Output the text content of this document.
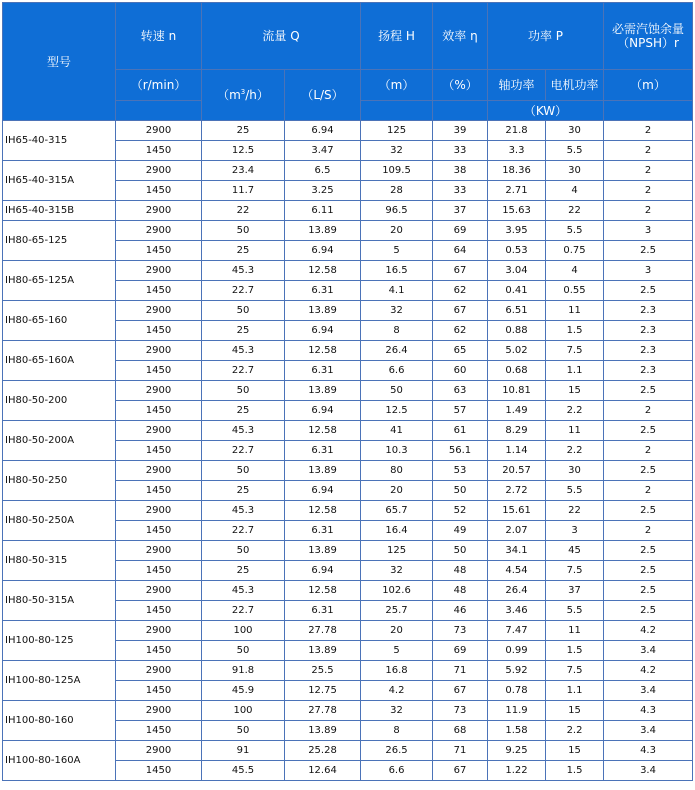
型号	转速 n	流量 Q		扬程 H	效率 η	功率 P		必需汽蚀余量（NPSH）r
	（r/min）	$(m^3/h)$	（L/S）	（m）	（%）	轴功率	电机功率	（m）
						（KW）		
IH65-40-315	2900	25	6.94	125	39	21.8	30	2
	1450	12.5	3.47	32	33	3.3	5.5	2
IH65-40-315A	2900	23.4	6.5	109.5	38	18.36	30	2
	1450	11.7	3.25	28	33	2.71	4	2
IH65-40-315B	2900	22	6.11	96.5	37	15.63	22	2
IH80-65-125	2900	50	13.89	20	69	3.95	5.5	3
	1450	25	6.94	5	64	0.53	0.75	2.5
IH80-65-125A	2900	45.3	12.58	16.5	67	3.04	4	3
	1450	22.7	6.31	4.1	62	0.41	0.55	2.5
IH80-65-160	2900	50	13.89	32	67	6.51	11	2.3
	1450	25	6.94	8	62	0.88	1.5	2.3
IH80-65-160A	2900	45.3	12.58	26.4	65	5.02	7.5	2.3
	1450	22.7	6.31	6.6	60	0.68	1.1	2.3
IH80-50-200	2900	50	13.89	50	63	10.81	15	2.5
	1450	25	6.94	12.5	57	1.49	2.2	2
IH80-50-200A	2900	45.3	12.58	41	61	8.29	11	2.5
	1450	22.7	6.31	10.3	56.1	1.14	2.2	2
IH80-50-250	2900	50	13.89	80	53	20.57	30	2.5
	1450	25	6.94	20	50	2.72	5.5	2
IH80-50-250A	2900	45.3	12.58	65.7	52	15.61	22	2.5
	1450	22.7	6.31	16.4	49	2.07	3	2
IH80-50-315	2900	50	13.89	125	50	34.1	45	2.5
	1450	25	6.94	32	48	4.54	7.5	2.5
IH80-50-315A	2900	45.3	12.58	102.6	48	26.4	37	2.5
	1450	22.7	6.31	25.7	46	3.46	5.5	2.5
IH100-80-125	2900	100	27.78	20	73	7.47	11	4.2
	1450	50	13.89	5	69	0.99	1.5	3.4
IH100-80-125A	2900	91.8	25.5	16.8	71	5.92	7.5	4.2
	1450	45.9	12.75	4.2	67	0.78	1.1	3.4
IH100-80-160	2900	100	27.78	32	73	11.9	15	4.3
	1450	50	13.89	8	68	1.58	2.2	3.4
IH100-80-160A	2900	91	25.28	26.5	71	9.25	15	4.3
	1450	45.5	12.64	6.6	67	1.22	1.5	3.4
